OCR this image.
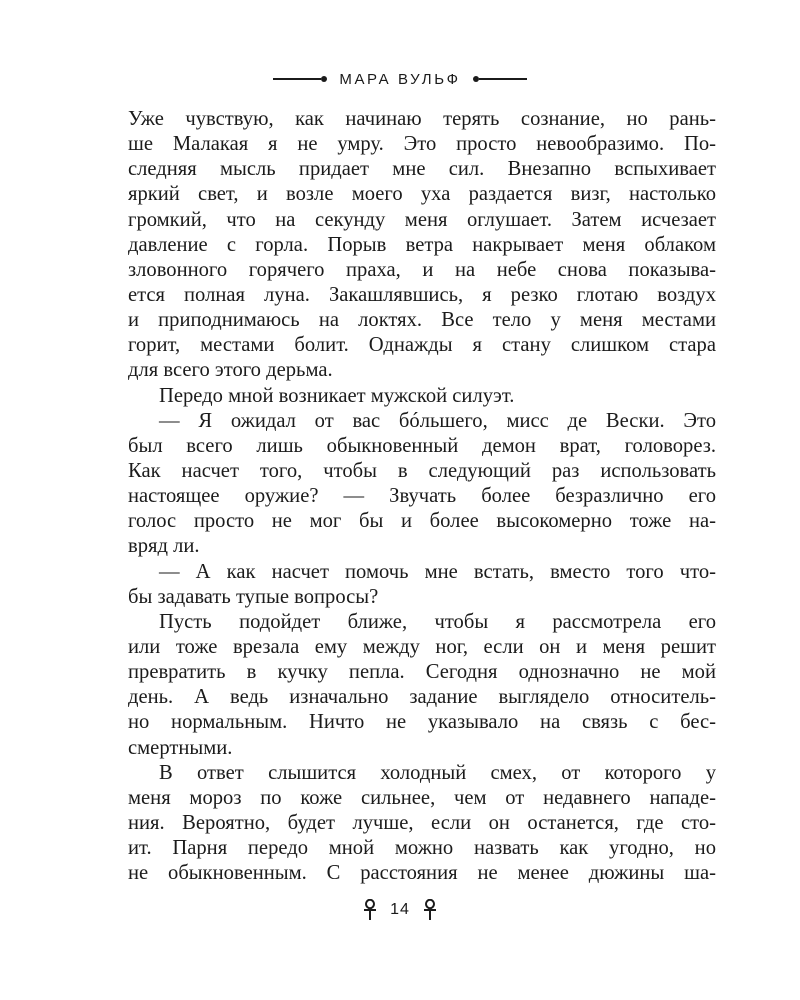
МАРА ВУЛЬФ
Уже чувствую, как начинаю терять сознание, но рань-
ше Малакая я не умру. Это просто невообразимо. По-
следняя мысль придает мне сил. Внезапно вспыхивает
яркий свет, и возле моего уха раздается визг, настолько
громкий, что на секунду меня оглушает. Затем исчезает
давление с горла. Порыв ветра накрывает меня облаком
зловонного горячего праха, и на небе снова показыва-
ется полная луна. Закашлявшись, я резко глотаю воздух
и приподнимаюсь на локтях. Все тело у меня местами
горит, местами болит. Однажды я стану слишком стара
для всего этого дерьма.
Передо мной возникает мужской силуэт.
— Я ожидал от вас бóльшего, мисс де Вески. Это
был всего лишь обыкновенный демон врат, головорез.
Как насчет того, чтобы в следующий раз использовать
настоящее оружие? — Звучать более безразлично его
голос просто не мог бы и более высокомерно тоже на-
вряд ли.
— А как насчет помочь мне встать, вместо того что-
бы задавать тупые вопросы?
Пусть подойдет ближе, чтобы я рассмотрела его
или тоже врезала ему между ног, если он и меня решит
превратить в кучку пепла. Сегодня однозначно не мой
день. А ведь изначально задание выглядело относитель-
но нормальным. Ничто не указывало на связь с бес-
смертными.
В ответ слышится холодный смех, от которого у
меня мороз по коже сильнее, чем от недавнего нападе-
ния. Вероятно, будет лучше, если он останется, где сто-
ит. Парня передо мной можно назвать как угодно, но
не обыкновенным. С расстояния не менее дюжины ша-
14
